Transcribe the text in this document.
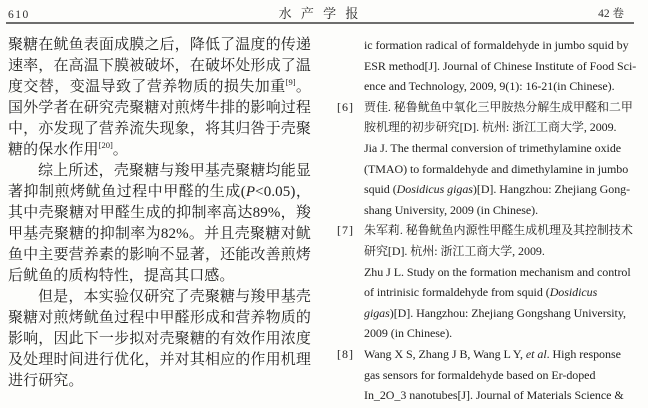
610	水 产 学 报	42 卷

聚糖在鱿鱼表面成膜之后，降低了温度的传递速率，在高温下膜被破坏，在破坏处形成了温度交替，变温导致了营养物质的损失加重[9]。国外学者在研究壳聚糖对煎烤牛排的影响过程中，亦发现了营养流失现象，将其归咎于壳聚糖的保水作用[20]。

综上所述，壳聚糖与羧甲基壳聚糖均能显著抑制煎烤鱿鱼过程中甲醛的生成(P<0.05)，其中壳聚糖对甲醛生成的抑制率高达89%，羧甲基壳聚糖的抑制率为82%。并且壳聚糖对鱿鱼中主要营养素的影响不显著，还能改善煎烤后鱿鱼的质构特性，提高其口感。

但是，本实验仅研究了壳聚糖与羧甲基壳聚糖对煎烤鱿鱼过程中甲醛形成和营养物质的影响，因此下一步拟对壳聚糖的有效作用浓度及处理时间进行优化，并对其相应的作用机理进行研究。

ic formation radical of formaldehyde in jumbo squid by
ESR method[J]. Journal of Chinese Institute of Food Sci-
ence and Technology, 2009, 9(1): 16-21(in Chinese).
[6] 贾佳. 秘鲁鱿鱼中氧化三甲胺热分解生成甲醛和二甲
胺机理的初步研究[D]. 杭州: 浙江工商大学, 2009.
Jia J. The thermal conversion of trimethylamine oxide
(TMAO) to formaldehyde and dimethylamine in jumbo
squid (Dosidicus gigas)[D]. Hangzhou: Zhejiang Gong-
shang University, 2009 (in Chinese).
[7] 朱军莉. 秘鲁鱿鱼内源性甲醛生成机理及其控制技术
研究[D]. 杭州: 浙江工商大学, 2009.
Zhu J L. Study on the formation mechanism and control
of intrinisic formaldehyde from squid (Dosidicus
gigas)[D]. Hangzhou: Zhejiang Gongshang University,
2009 (in Chinese).
[8] Wang X S, Zhang J B, Wang L Y, et al. High response
gas sensors for formaldehyde based on Er-doped
In_2O_3 nanotubes[J]. Journal of Materials Science &
